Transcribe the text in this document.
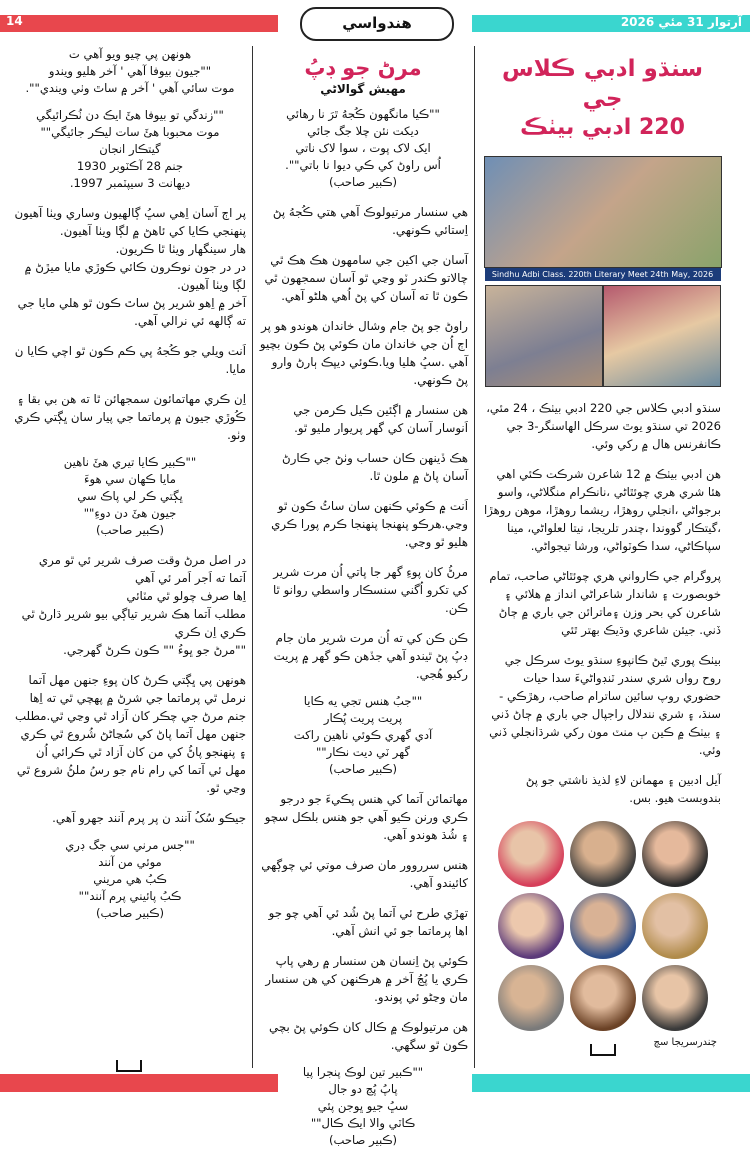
14	آرتوار 31 مئي 2026
هندواسي
سنڌو ادبي ڪلاس جي
220 ادبي بيٺڪ
Sindhu Adbi Class. 220th Literary Meet 24th May, 2026

سنڌو ادبي ڪلاس جي 220 ادبي بيٺڪ ، 24 مئي، 2026 تي سنڌو يوٿ سرڪل الهاسنگر-3 جي ڪانفرنس هال ۾ رکي وئي.

هن ادبي بيٺڪ ۾ 12 شاعرن شرڪت ڪئي اهي هئا شري هري چوئٿاڻي ،نانڪرام منگلاڻي، واسو برجواڻي ،انجلي روهڙا، ريشما روهڙا، موهن روهڙا ،گيتڪار گووندا ،چندر تلريجا، نيتا لعلواڻي، مينا سپاڪاڻي، سدا ڪوٽواڻي، ورشا تيجواڻي.

پروگرام جي ڪارواني هري چوئٿاڻي صاحب، تمام خوبصورت ۽ شاندار شاعراڻي انداز ۾ هلائي ۽ شاعرن کي بحر وزن ۽ماترائن جي باري ۾ ڄاڻ ڏني. جيئن شاعري وڌيڪ بهتر ٿئي

بيٺڪ پوري ٿيڻ ڪانپوءِ سنڌو يوٿ سرڪل جي روح رواں شري سندر ٽنڊواڻيءَ سدا حيات حضوري روپ سائين ساترام صاحب، رهڙڪي - سنڌ، ۽ شري نندلال راجپال جي باري ۾ ڄاڻ ڏني ۽ بيٺڪ ۾ ڪين ٻ منٽ مون رکي شرڌانجلي ڏني وئي.

آيل ادبين ۽ مهمانن لاءِ لذيذ ناشتي جو پڻ بندوبست هيو. بس.

چندرسريجا سڄ
مرڻ جو ڊپُ
مهيش گوالاڻي
""ڪيا مانگهون ڪُجهُ ٿرَ نا رهائي
ديکت نئن چلا جگ جائي
ايک لاک پوت ، سوا لاک ناتي
اُس راوڻ کي ڪي ديوا نا باتي"".
(ڪبير صاحب)

هي سنسار مرتيولوڪ آهي هتي ڪُجهُ پڻ اِستائي ڪونهي.

آسان جي اکين جي سامهون هڪ هڪ ٿي چالاتو ڪندر ٽو وڃي ٿو آسان سمجهون ٿي ڪون ٿا ته آسان کي پڻ اُهي هلڻو آهي.

راوڻ جو پڻ جام وشال خاندان هوندو هو پر اڄ اُن جي خاندان مان ڪوئي پڻ ڪون بچيو آهي .سڀُ هليا ويا.ڪوئي ديپڪ ٻارڻ وارو پڻ ڪونهي.

هن سنسار ۾ اڳئين ڪيل ڪرمن جي اَنوسار آسان کي گهر پريوار مليو ٿو.

هڪ ڏينهن ڪان حساب وٺڻ جي ڪارڻ آسان پاڻ ۾ ملون ٿا.

اَنت ۾ ڪوئي ڪنهن سان ساٿُ ڪون ٿو وڃي.هرڪو پنهنجا پنهنجا ڪرم پورا ڪري هليو ٿو وڃي.

مرڻُ کان پوءِ گهر جا پاتي اُن مرت شرير کي تکرو اُگني سنسڪار واسطي روانو ٿا ڪن.

ڪن ڪن کي ته اُن مرت شرير مان جام ڊپُ پڻ ٿيندو آهي جڏهن ڪو گهر ۾ پريت رکيو هُجي.

""جبُ هنس تجي يه ڪايا
پريت پريت پُڪار
آدي گهري ڪوئي ناهين راکت
گهر ٽي ديت نڪار""
(ڪبير صاحب)

مهاتمائن آتما کي هنس پڪيءَ جو درجو ڪري ورنن ڪيو آهي جو هنس بلڪل سچو ۽ شُڌ هوندو آهي.

هنس سرروور مان صرف موتي ئي چوڳهي کائيندو آهي.

تهڙي طرح ئي آتما پڻ شُد ئي آهي چو جو اها پرماتما جو ئي انش آهي.

ڪوئي پڻ اِنسان هن سنسار ۾ رهي پاپ ڪري يا پُڃُ آخر ۾ هرڪنهن کي هن سنسار مان وڃڻو ئي پوندو.

هن مرتيولوڪ ۾ ڪال کان ڪوئي پڻ بچي ڪون ٿو سگهي.

""ڪبير تين لوڪ پنجرا پيا
پاپُ پُڃ دو جال
سڀُ جيو ڀوجن پئي
ڪاٽي والا ايڪ ڪال""
(ڪبير صاحب)
هونهن پي چيو ويو آهي ت
""جيون بيوفا آهي ' آخر هليو ويندو
موت سائي آهي ' آخر ۾ ساٿ وٺي ويندي"".
""زندگي تو بيوفا هئَ ايڪ دن ٺُڪرائيگي
موت محبوبا هئَ سات ليڪر جائيگي""
گيتڪار انجان
جنم 28 آڪٽوبر 1930
ديهانت 3 سيپٽمبر 1997.

پر اڄ آسان اِهي سڀُ ڳالهيون وساري ويٺا آهيون

پنهنجي ڪايا کي ئاهڻ ۾ لڳا ويٺا آهيون.

هار سينگهار ويٺا ٿا ڪريون.

در در جون نوڪرون ڪائي ڪوڙي مايا ميڙڻ ۾ لڳا ويٺا آهيون.

آخر ۾ اِهو شرير پڻ ساٿ ڪون ٿو هلي مايا جي ته ڳالهه ئي نرالي آهي.

اَنت ويلي جو ڪُجهُ پي ڪم ڪون ٿو اچي ڪايا ن مايا.

اِن ڪري مهاتمائون سمجهائن ٿا ته هن بي بقا ۽ ڪُوڙي جيون ۾ پرماتما جي پيار سان ڀڳتي ڪري وٺو.

""ڪبير ڪايا تيري هئَ ناهين
مايا ڪهان سي هوءَ
ڀڳتي ڪر لي پاڪ سي
جيون هئَ دن دوءِ""
(ڪبير صاحب)

در اصل مرڻ وقت صرف شرير ئي ٿو مري

آتما ته اَجر اَمر ئي آهي

اِها صرف چولو ٿي مٽائي

مطلب آتما هڪ شرير تياڳي بيو شرير ڌارڻ ٿي ڪري اِن ڪري

""مرڻ جو ڀوءُ "" ڪون ڪرڻ گهرجي.

هونهن پي ڀڳتي ڪرڻ کان پوءِ جنهن مهل آتما نرمل ٿي پرماتما جي شرڻ ۾ پهچي ٿي ته اِها جنم مرڻ جي چڪر کان آزاد ٿي وڃي ٿي.مطلب جنهن مهل آتما پاڻ کي سُڃاڻڻ شُروع ٿي ڪري ۽ پنهنجو پاڻُ کي من کان آزاد ٿي ڪرائي اُن مهل ئي آتما کي رام نام جو رسُ ملڻُ شروع ٿي وڃي ٿو.

جيڪو سُکُ آنند ن پر پرم آنند جهرو آهي.

""جس مرني سي جگ ڊري
موئي من آنند
ڪبُ هي مريني
ڪبُ پائيني پرم آنند""
(ڪبير صاحب)
